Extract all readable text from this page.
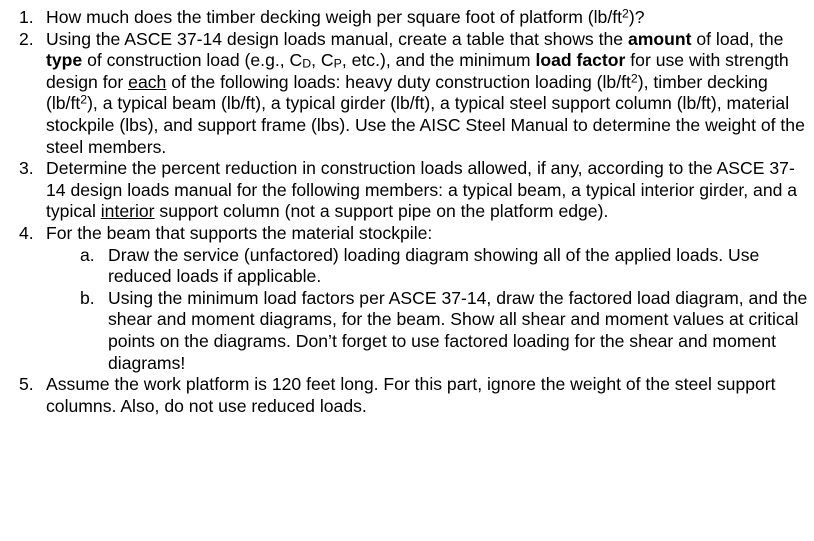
1. How much does the timber decking weigh per square foot of platform $(lb/ft^2)$?
2. Using the ASCE 37-14 design loads manual, create a table that shows the amount of load, the type of construction load (e.g., $C_D$, $C_P$, etc.), and the minimum load factor for use with strength design for each of the following loads: heavy duty construction loading $(lb/ft^2)$, timber decking $(lb/ft^2)$, a typical beam (lb/ft), a typical girder (lb/ft), a typical steel support column (lb/ft), material stockpile (lbs), and support frame (lbs). Use the AISC Steel Manual to determine the weight of the steel members.
3. Determine the percent reduction in construction loads allowed, if any, according to the ASCE 37-14 design loads manual for the following members: a typical beam, a typical interior girder, and a typical interior support column (not a support pipe on the platform edge).
4. For the beam that supports the material stockpile:
a. Draw the service (unfactored) loading diagram showing all of the applied loads. Use reduced loads if applicable.
b. Using the minimum load factors per ASCE 37-14, draw the factored load diagram, and the shear and moment diagrams, for the beam. Show all shear and moment values at critical points on the diagrams. Don’t forget to use factored loading for the shear and moment diagrams!
5. Assume the work platform is 120 feet long. For this part, ignore the weight of the steel support columns. Also, do not use reduced loads.
